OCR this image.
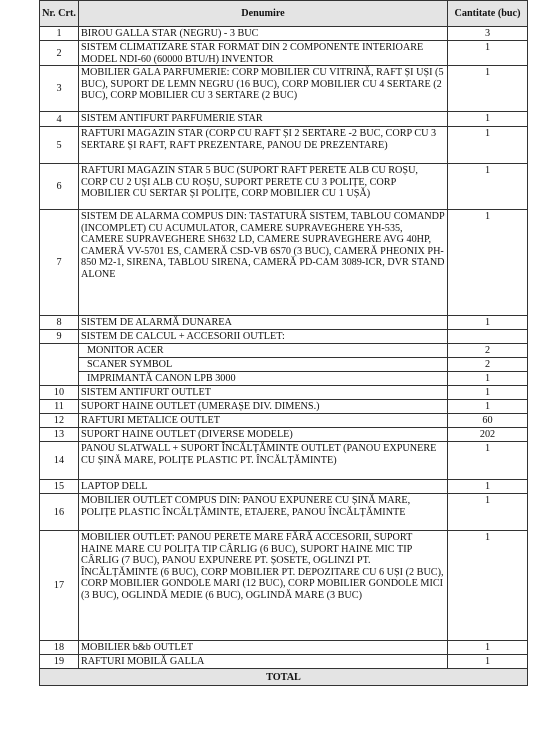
Nr. Crt.	Denumire	Cantitate (buc)
1	BIROU GALLA STAR (NEGRU) - 3 BUC	3
2	SISTEM CLIMATIZARE STAR FORMAT DIN 2 COMPONENTE INTERIOARE MODEL NDI-60 (60000 BTU/H) INVENTOR	1
3	MOBILIER GALA PARFUMERIE: CORP MOBILIER CU VITRINĂ, RAFT ȘI UȘI (5 BUC), SUPORT DE LEMN NEGRU (16 BUC), CORP MOBILIER CU 4 SERTARE (2 BUC), CORP MOBILIER CU 3 SERTARE (2 BUC)	1
4	SISTEM ANTIFURT PARFUMERIE STAR	1
5	RAFTURI MAGAZIN STAR (CORP CU RAFT ȘI 2 SERTARE -2 BUC, CORP CU 3 SERTARE ȘI RAFT, RAFT PREZENTARE, PANOU DE PREZENTARE)	1
6	RAFTURI MAGAZIN STAR 5 BUC (SUPORT RAFT PERETE ALB CU ROȘU, CORP CU 2 UȘI ALB CU ROȘU, SUPORT PERETE CU 3 POLIȚE, CORP MOBILIER CU SERTAR ȘI POLIȚE, CORP MOBILIER CU 1 UȘĂ)	1
7	SISTEM DE ALARMA COMPUS DIN: TASTATURĂ SISTEM, TABLOU COMANDP (INCOMPLET) CU ACUMULATOR, CAMERE SUPRAVEGHERE YH-535, CAMERE SUPRAVEGHERE SH632 LD, CAMERE SUPRAVEGHERE AVG 40HP, CAMERĂ VV-5701 ES, CAMERĂ CSD-VB 6S70 (3 BUC), CAMERĂ PHEONIX PH-850 M2-1, SIRENA, TABLOU SIRENA, CAMERĂ PD-CAM 3089-ICR, DVR STAND ALONE	1
8	SISTEM DE ALARMĂ DUNAREA	1
9	SISTEM DE CALCUL + ACCESORII OUTLET:	
	MONITOR ACER	2
	SCANER SYMBOL	2
	IMPRIMANTĂ CANON LPB 3000	1
10	SISTEM ANTIFURT OUTLET	1
11	SUPORT HAINE OUTLET (UMERAȘE DIV. DIMENS.)	1
12	RAFTURI METALICE OUTLET	60
13	SUPORT HAINE OUTLET (DIVERSE MODELE)	202
14	PANOU SLATWALL + SUPORT ÎNCĂLȚĂMINTE OUTLET (PANOU EXPUNERE CU ȘINĂ MARE, POLIȚE PLASTIC PT. ÎNCĂLȚĂMINTE)	1
15	LAPTOP DELL	1
16	MOBILIER OUTLET COMPUS DIN: PANOU EXPUNERE CU ȘINĂ MARE, POLIȚE PLASTIC ÎNCĂLȚĂMINTE, ETAJERE, PANOU ÎNCĂLȚĂMINTE	1
17	MOBILIER OUTLET: PANOU PERETE MARE FĂRĂ ACCESORII, SUPORT HAINE MARE CU POLIȚA TIP CÂRLIG (6 BUC), SUPORT HAINE MIC TIP CÂRLIG (7 BUC), PANOU EXPUNERE PT. ȘOSETE, OGLINZI PT. ÎNCĂLȚĂMINTE (6 BUC), CORP MOBILIER PT. DEPOZITARE CU 6 UȘI (2 BUC), CORP MOBILIER GONDOLE MARI (12 BUC), CORP MOBILIER GONDOLE MICI (3 BUC), OGLINDĂ MEDIE (6 BUC), OGLINDĂ MARE (3 BUC)	1
18	MOBILIER b&b OUTLET	1
19	RAFTURI MOBILĂ GALLA	1
TOTAL		
